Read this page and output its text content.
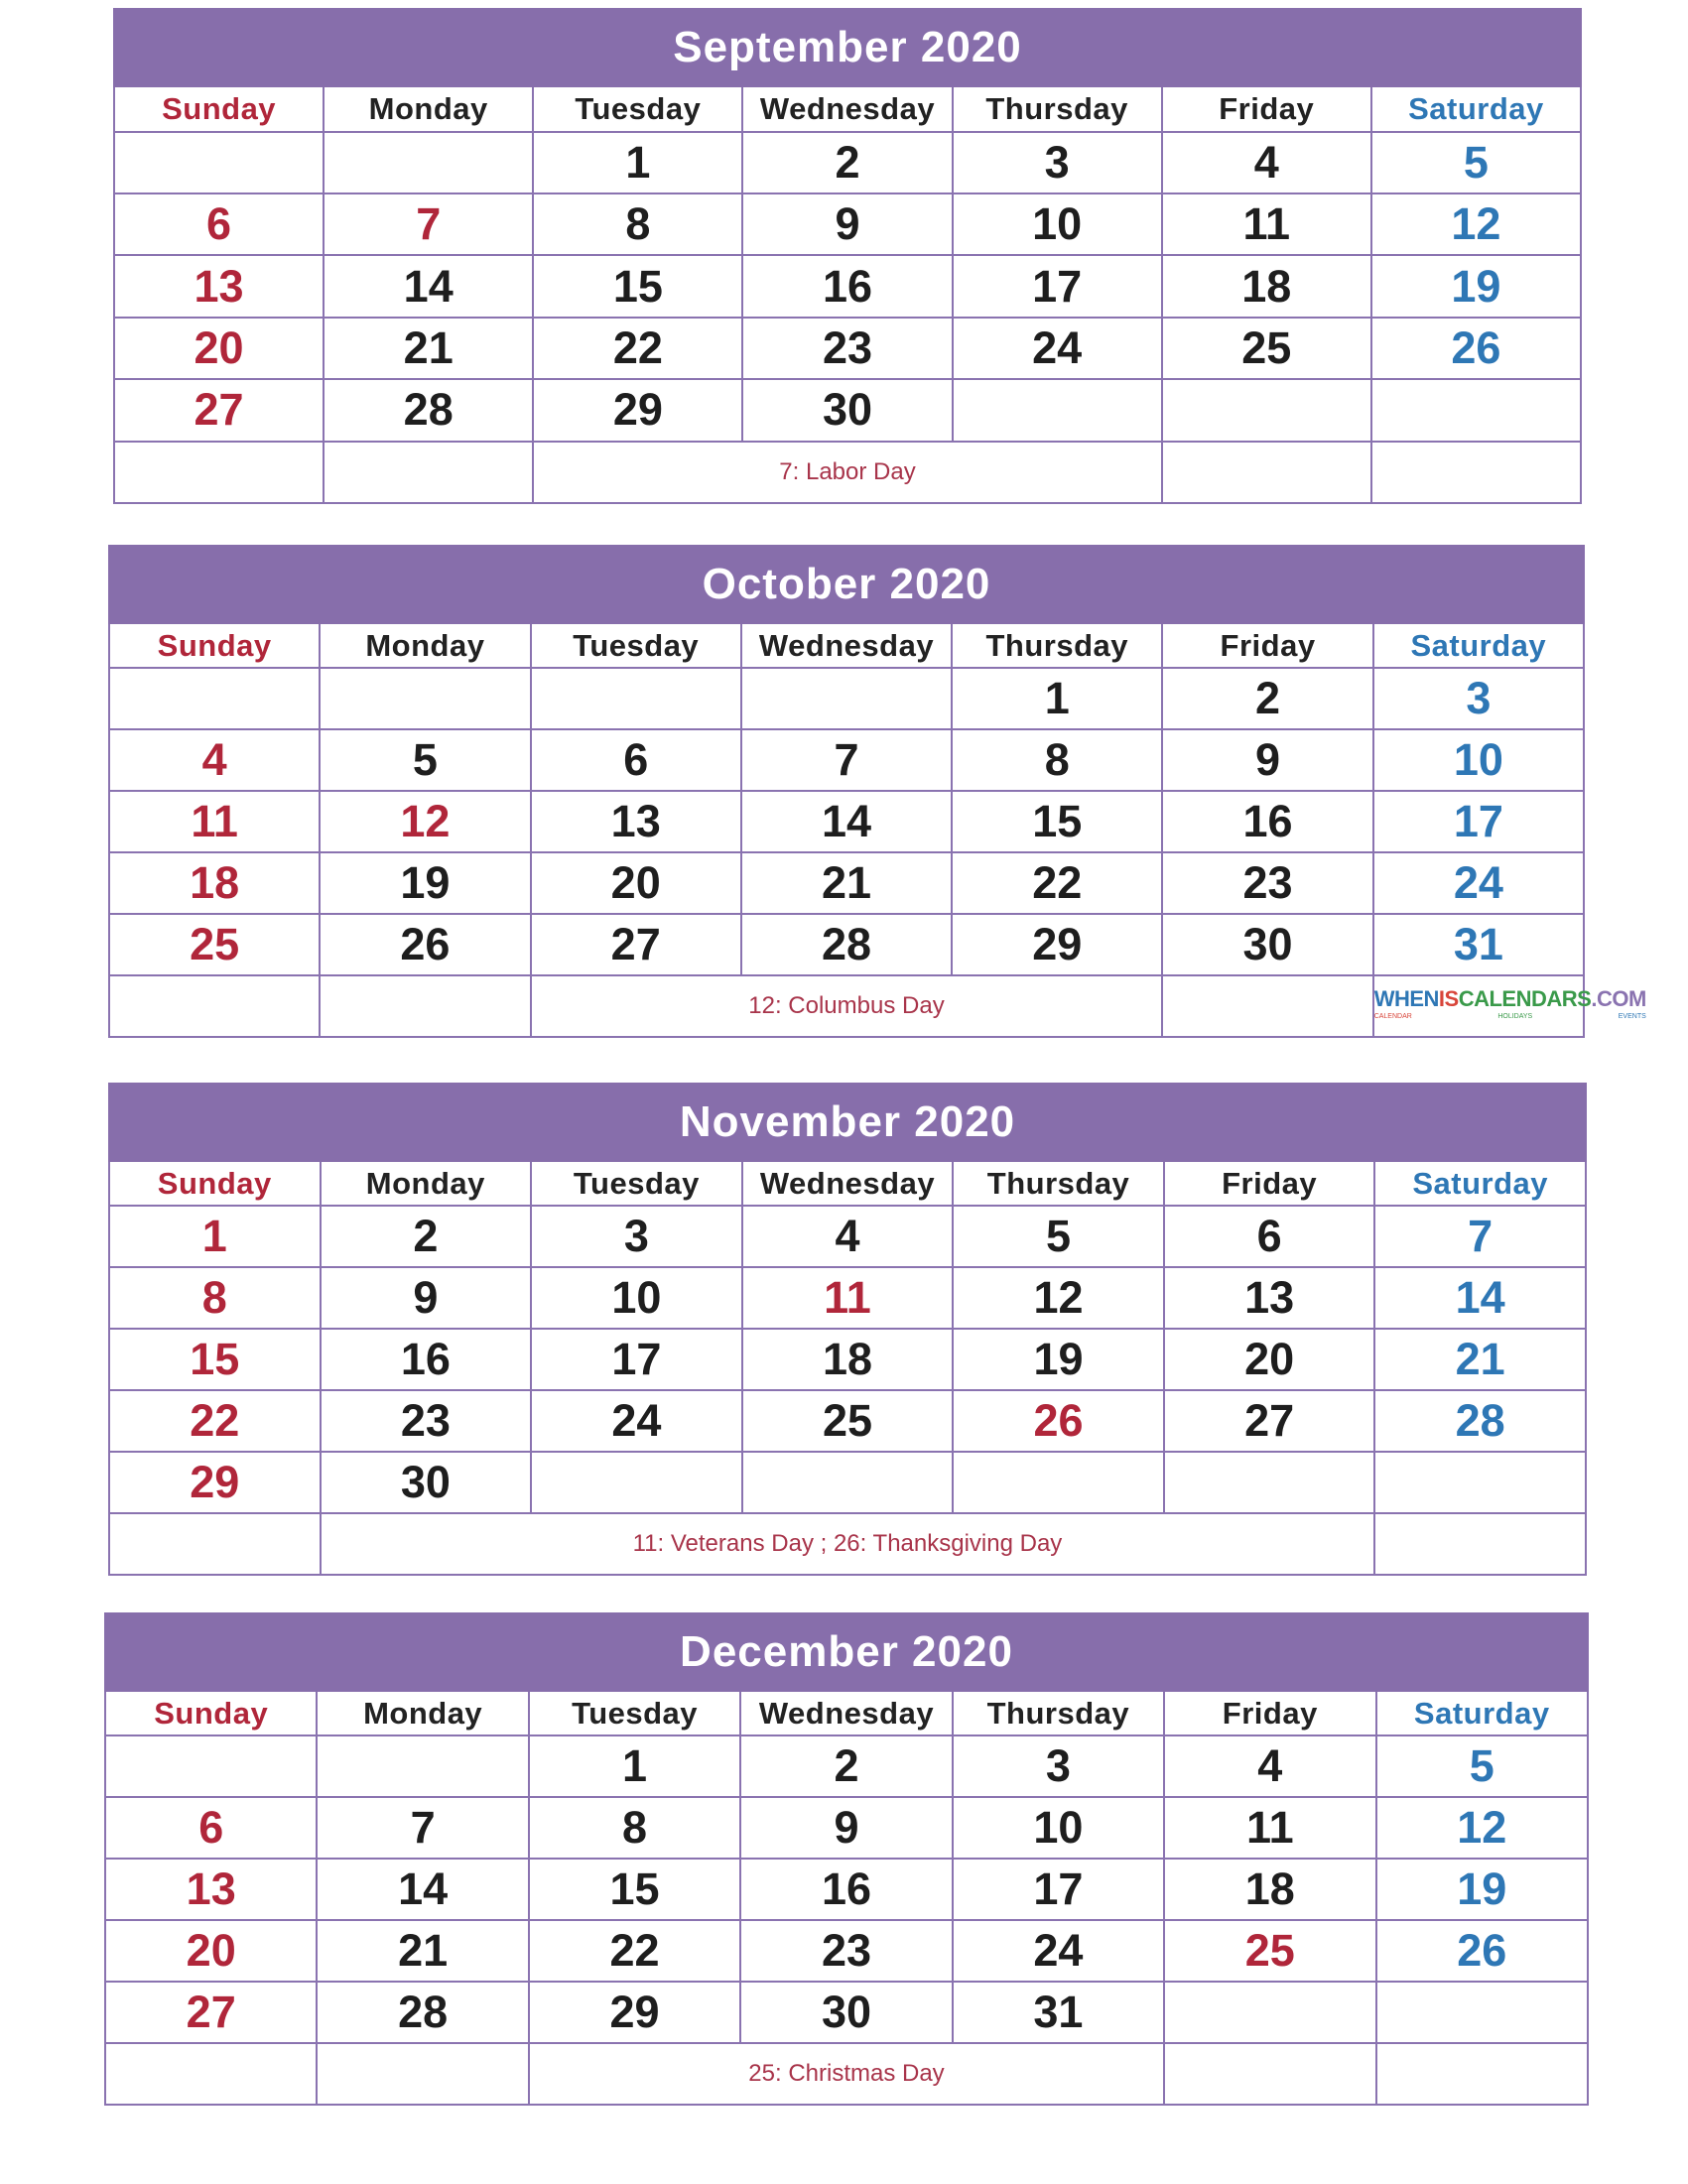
September 2020						
Sunday	Monday	Tuesday	Wednesday	Thursday	Friday	Saturday
		1	2	3	4	5
6	7	8	9	10	11	12
13	14	15	16	17	18	19
20	21	22	23	24	25	26
27	28	29	30			
		7: Labor Day				
October 2020						
Sunday	Monday	Tuesday	Wednesday	Thursday	Friday	Saturday
				1	2	3
4	5	6	7	8	9	10
11	12	13	14	15	16	17
18	19	20	21	22	23	24
25	26	27	28	29	30	31
		12: Columbus Day				WHENISCALENDARS.COM
CALENDAR HOLIDAYS EVENTS
November 2020						
Sunday	Monday	Tuesday	Wednesday	Thursday	Friday	Saturday
1	2	3	4	5	6	7
8	9	10	11	12	13	14
15	16	17	18	19	20	21
22	23	24	25	26	27	28
29	30					
	11: Veterans Day ; 26: Thanksgiving Day					
December 2020						
Sunday	Monday	Tuesday	Wednesday	Thursday	Friday	Saturday
		1	2	3	4	5
6	7	8	9	10	11	12
13	14	15	16	17	18	19
20	21	22	23	24	25	26
27	28	29	30	31		
		25: Christmas Day				
